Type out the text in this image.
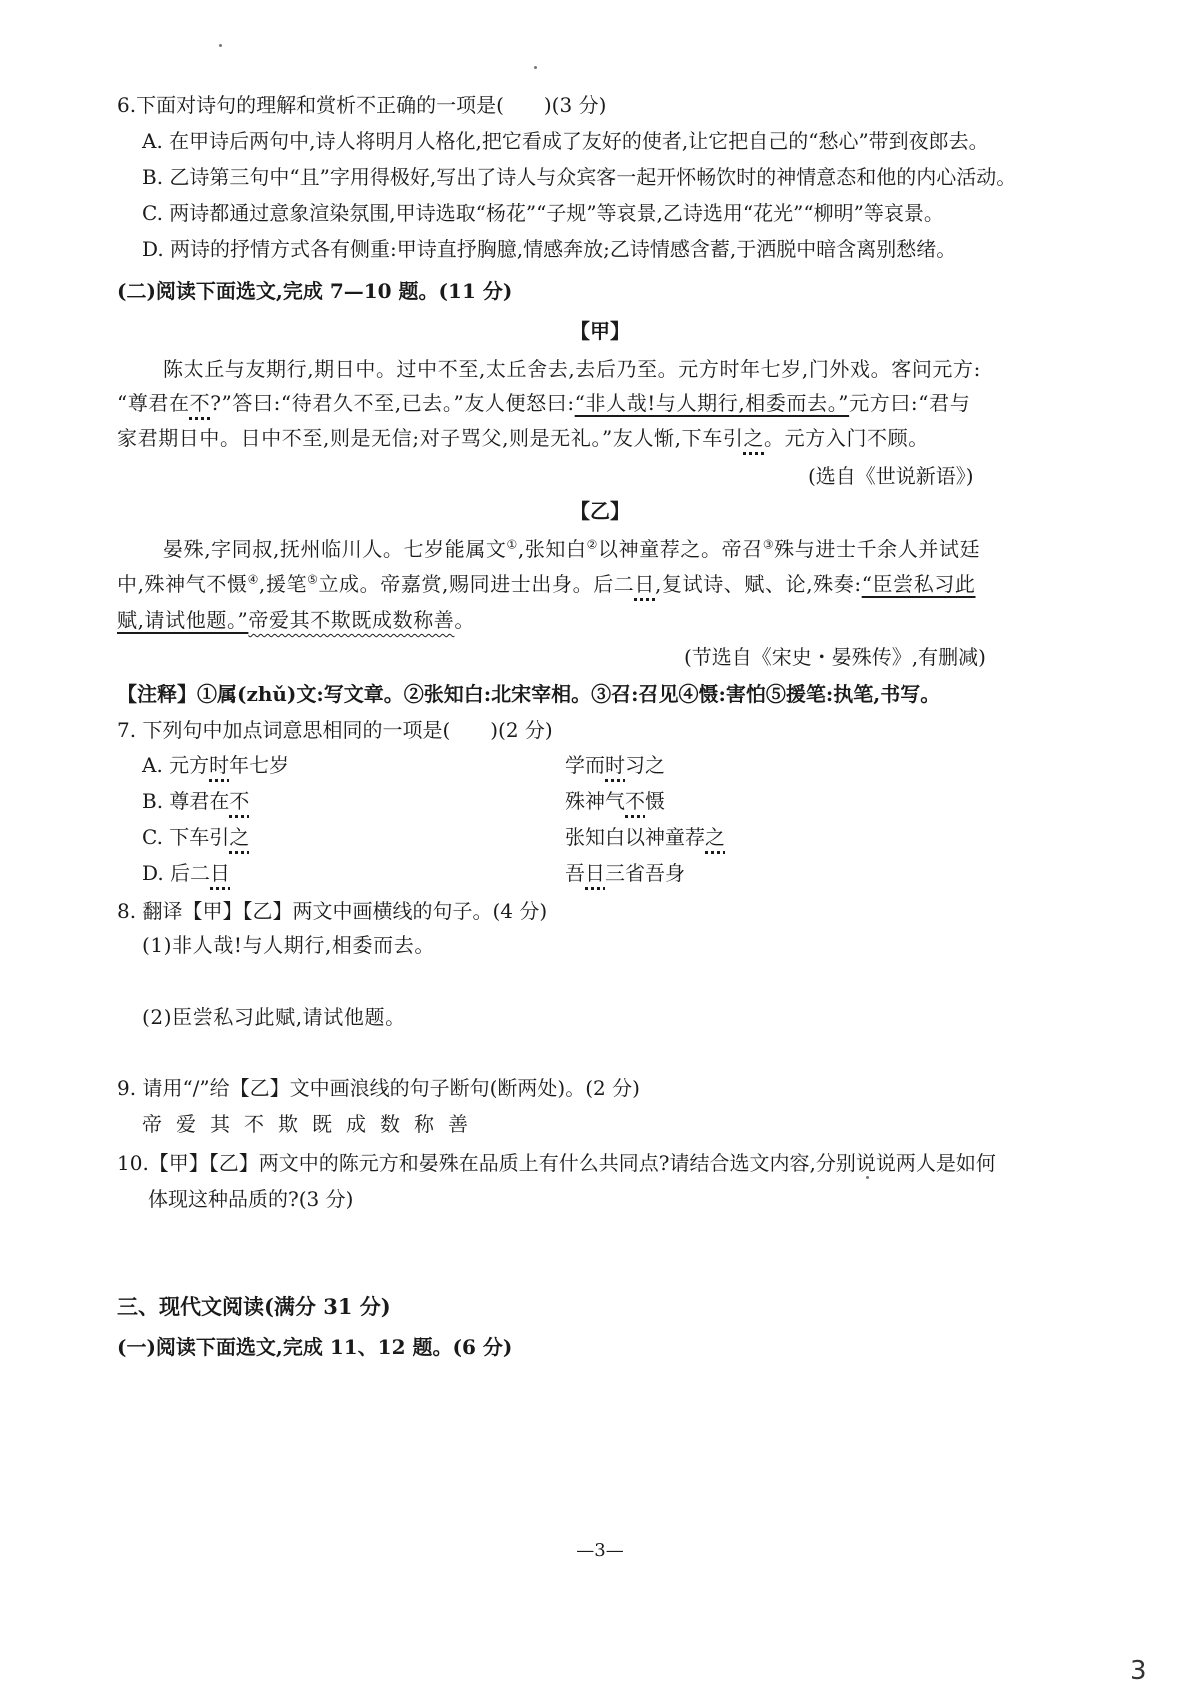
6.下面对诗句的理解和赏析不正确的一项是(　　)(3 分)
A. 在甲诗后两句中,诗人将明月人格化,把它看成了友好的使者,让它把自己的“愁心”带到夜郎去。
B. 乙诗第三句中“且”字用得极好,写出了诗人与众宾客一起开怀畅饮时的神情意态和他的内心活动。
C. 两诗都通过意象渲染氛围,甲诗选取“杨花”“子规”等哀景,乙诗选用“花光”“柳明”等哀景。
D. 两诗的抒情方式各有侧重:甲诗直抒胸臆,情感奔放;乙诗情感含蓄,于洒脱中暗含离别愁绪。
(二)阅读下面选文,完成 7—10 题。(11 分)
【甲】
陈太丘与友期行,期日中。过中不至,太丘舍去,去后乃至。元方时年七岁,门外戏。客问元方:
“尊君在不?”答曰:“待君久不至,已去。”友人便怒曰:“非人哉!与人期行,相委而去。”元方曰:“君与
家君期日中。日中不至,则是无信;对子骂父,则是无礼。”友人惭,下车引之。元方入门不顾。
(选自《世说新语》)
【乙】
晏殊,字同叔,抚州临川人。七岁能属文①,张知白②以神童荐之。帝召③殊与进士千余人并试廷
中,殊神气不慑④,援笔⑤立成。帝嘉赏,赐同进士出身。后二日,复试诗、赋、论,殊奏:“臣尝私习此
赋,请试他题。”帝爱其不欺既成数称善。
(节选自《宋史・晏殊传》,有删减)
【注释】①属(zhǔ)文:写文章。②张知白:北宋宰相。③召:召见④慑:害怕⑤援笔:执笔,书写。
7. 下列句中加点词意思相同的一项是(　　)(2 分)
A. 元方时年七岁	学而时习之
B. 尊君在不	殊神气不慑
C. 下车引之	张知白以神童荐之
D. 后二日	吾日三省吾身
8. 翻译【甲】【乙】两文中画横线的句子。(4 分)
(1)非人哉!与人期行,相委而去。
(2)臣尝私习此赋,请试他题。
9. 请用“/”给【乙】文中画浪线的句子断句(断两处)。(2 分)
帝爱其不欺既成数称善
10.【甲】【乙】两文中的陈元方和晏殊在品质上有什么共同点?请结合选文内容,分别说说两人是如何
体现这种品质的?(3 分)
三、现代文阅读(满分 31 分)
(一)阅读下面选文,完成 11、12 题。(6 分)
—3—
3
